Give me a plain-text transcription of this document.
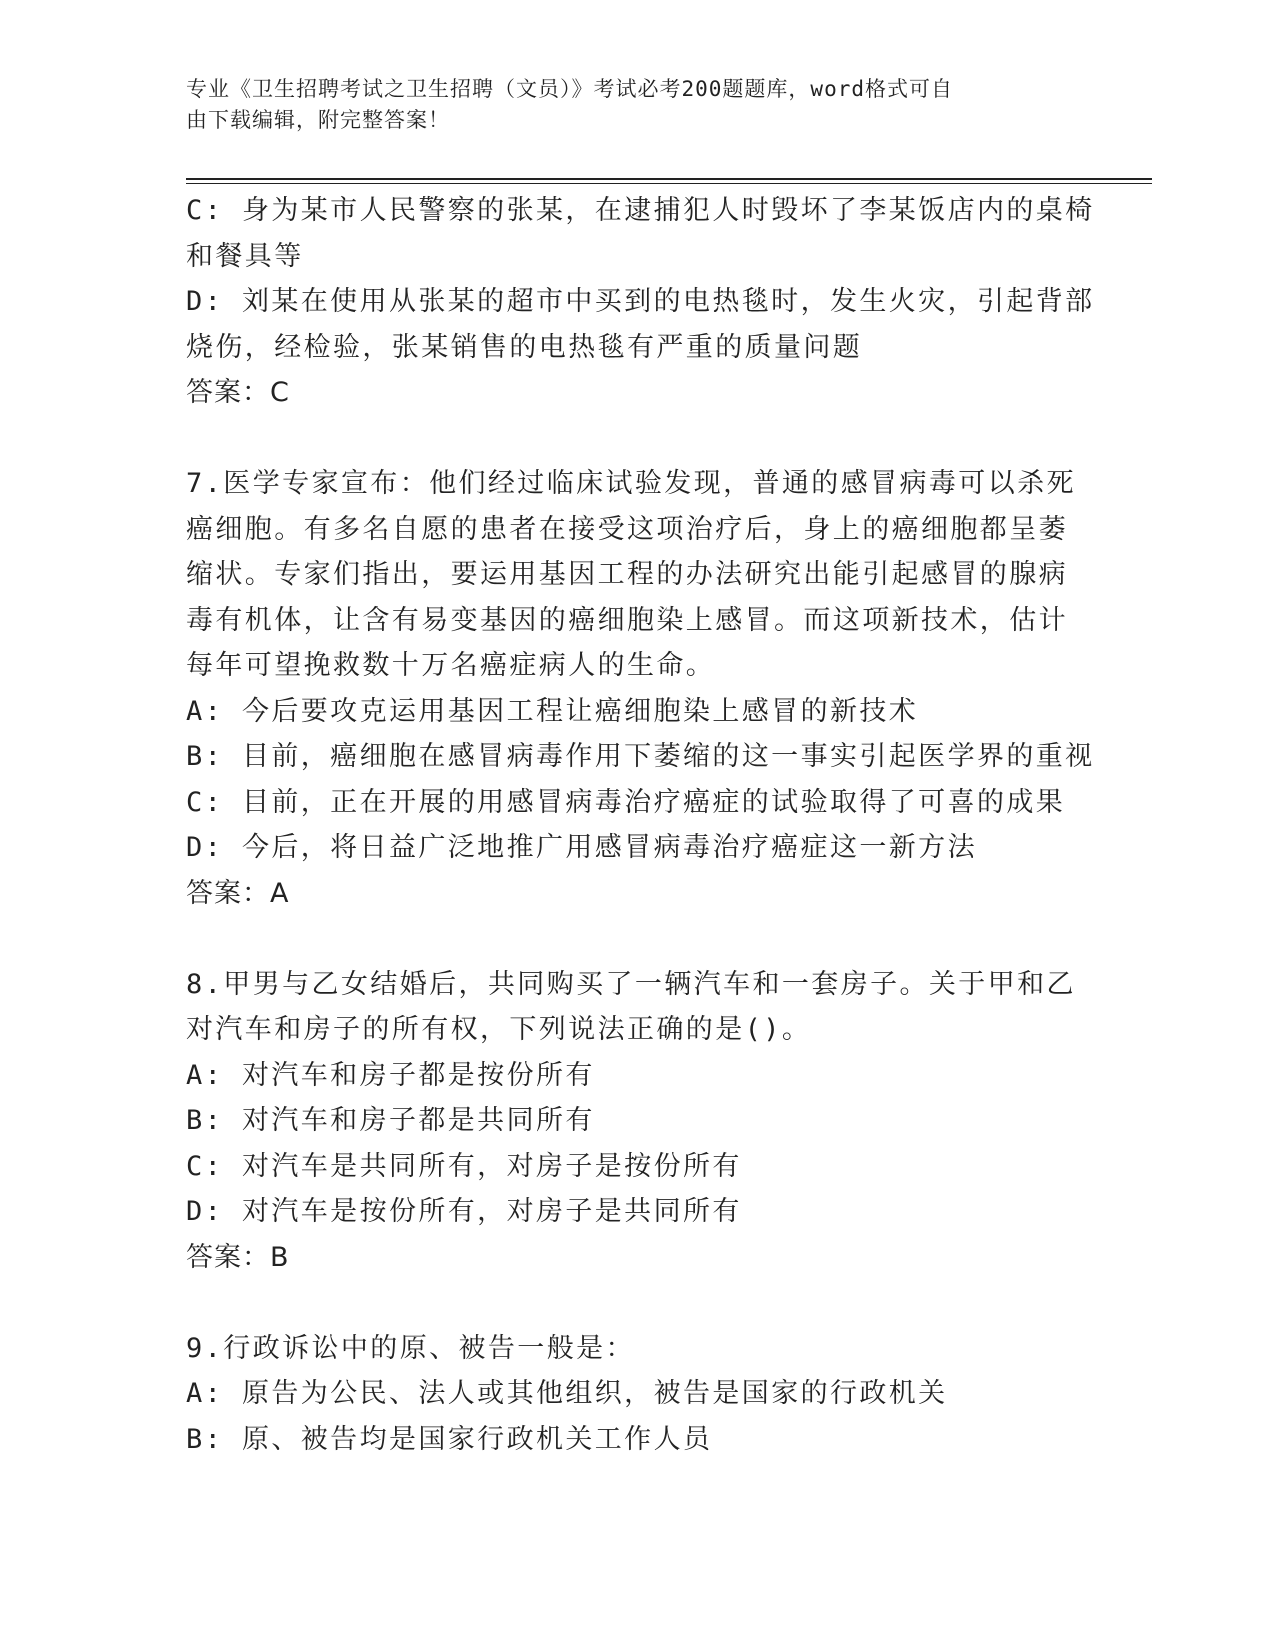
专业《卫生招聘考试之卫生招聘（文员）》考试必考200题题库，word格式可自
由下载编辑，附完整答案！
C: 身为某市人民警察的张某，在逮捕犯人时毁坏了李某饭店内的桌椅
和餐具等
D: 刘某在使用从张某的超市中买到的电热毯时，发生火灾，引起背部
烧伤，经检验，张某销售的电热毯有严重的质量问题
答案：C
7.医学专家宣布：他们经过临床试验发现，普通的感冒病毒可以杀死
癌细胞。有多名自愿的患者在接受这项治疗后，身上的癌细胞都呈萎
缩状。专家们指出，要运用基因工程的办法研究出能引起感冒的腺病
毒有机体，让含有易变基因的癌细胞染上感冒。而这项新技术，估计
每年可望挽救数十万名癌症病人的生命。
A: 今后要攻克运用基因工程让癌细胞染上感冒的新技术
B: 目前，癌细胞在感冒病毒作用下萎缩的这一事实引起医学界的重视
C: 目前，正在开展的用感冒病毒治疗癌症的试验取得了可喜的成果
D: 今后，将日益广泛地推广用感冒病毒治疗癌症这一新方法
答案：A
8.甲男与乙女结婚后，共同购买了一辆汽车和一套房子。关于甲和乙
对汽车和房子的所有权，下列说法正确的是()。
A: 对汽车和房子都是按份所有
B: 对汽车和房子都是共同所有
C: 对汽车是共同所有，对房子是按份所有
D: 对汽车是按份所有，对房子是共同所有
答案：B
9.行政诉讼中的原、被告一般是：
A: 原告为公民、法人或其他组织，被告是国家的行政机关
B: 原、被告均是国家行政机关工作人员
